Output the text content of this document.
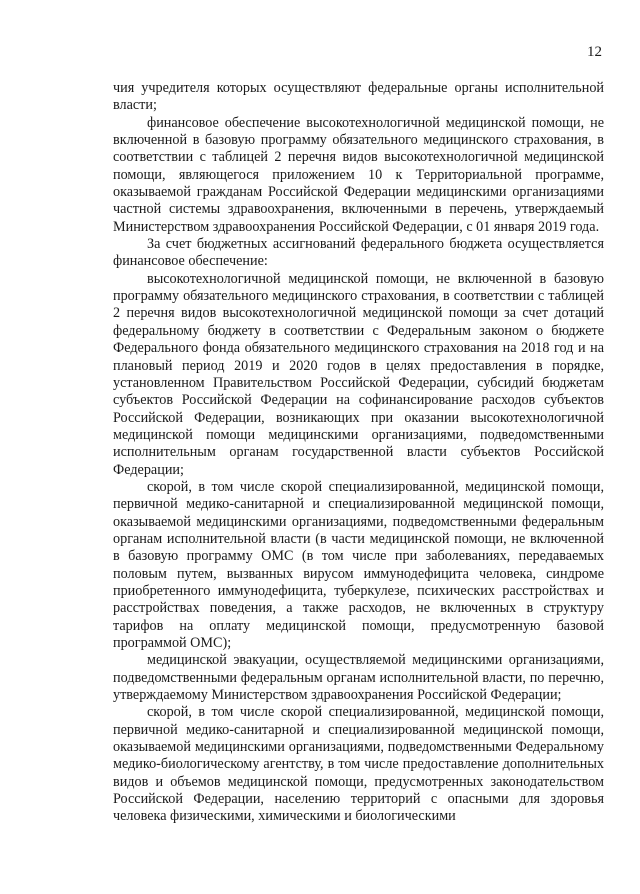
12

чия учредителя которых осуществляют федеральные органы исполнительной власти;

финансовое обеспечение высокотехнологичной медицинской помощи, не включенной в базовую программу обязательного медицинского страхования, в соответствии с таблицей 2 перечня видов высокотехнологичной медицинской помощи, являющегося приложением 10 к Территориальной программе, оказываемой гражданам Российской Федерации медицинскими организациями частной системы здравоохранения, включенными в перечень, утверждаемый Министерством здравоохранения Российской Федерации, с 01 января 2019 года.

За счет бюджетных ассигнований федерального бюджета осуществляется финансовое обеспечение:

высокотехнологичной медицинской помощи, не включенной в базовую программу обязательного медицинского страхования, в соответствии с таблицей 2 перечня видов высокотехнологичной медицинской помощи за счет дотаций федеральному бюджету в соответствии с Федеральным законом о бюджете Федерального фонда обязательного медицинского страхования на 2018 год и на плановый период 2019 и 2020 годов в целях предоставления в порядке, установленном Правительством Российской Федерации, субсидий бюджетам субъектов Российской Федерации на софинансирование расходов субъектов Российской Федерации, возникающих при оказании высокотехнологичной медицинской помощи медицинскими организациями, подведомственными исполнительным органам государственной власти субъектов Российской Федерации;

скорой, в том числе скорой специализированной, медицинской помощи, первичной медико-санитарной и специализированной медицинской помощи, оказываемой медицинскими организациями, подведомственными федеральным органам исполнительной власти (в части медицинской помощи, не включенной в базовую программу ОМС (в том числе при заболеваниях, передаваемых половым путем, вызванных вирусом иммунодефицита человека, синдроме приобретенного иммунодефицита, туберкулезе, психических расстройствах и расстройствах поведения, а также расходов, не включенных в структуру тарифов на оплату медицинской помощи, предусмотренную базовой программой ОМС);

медицинской эвакуации, осуществляемой медицинскими организациями, подведомственными федеральным органам исполнительной власти, по перечню, утверждаемому Министерством здравоохранения Российской Федерации;

скорой, в том числе скорой специализированной, медицинской помощи, первичной медико-санитарной и специализированной медицинской помощи, оказываемой медицинскими организациями, подведомственными Федеральному медико-биологическому агентству, в том числе предоставление дополнительных видов и объемов медицинской помощи, предусмотренных законодательством Российской Федерации, населению территорий с опасными для здоровья человека физическими, химическими и биологическими
